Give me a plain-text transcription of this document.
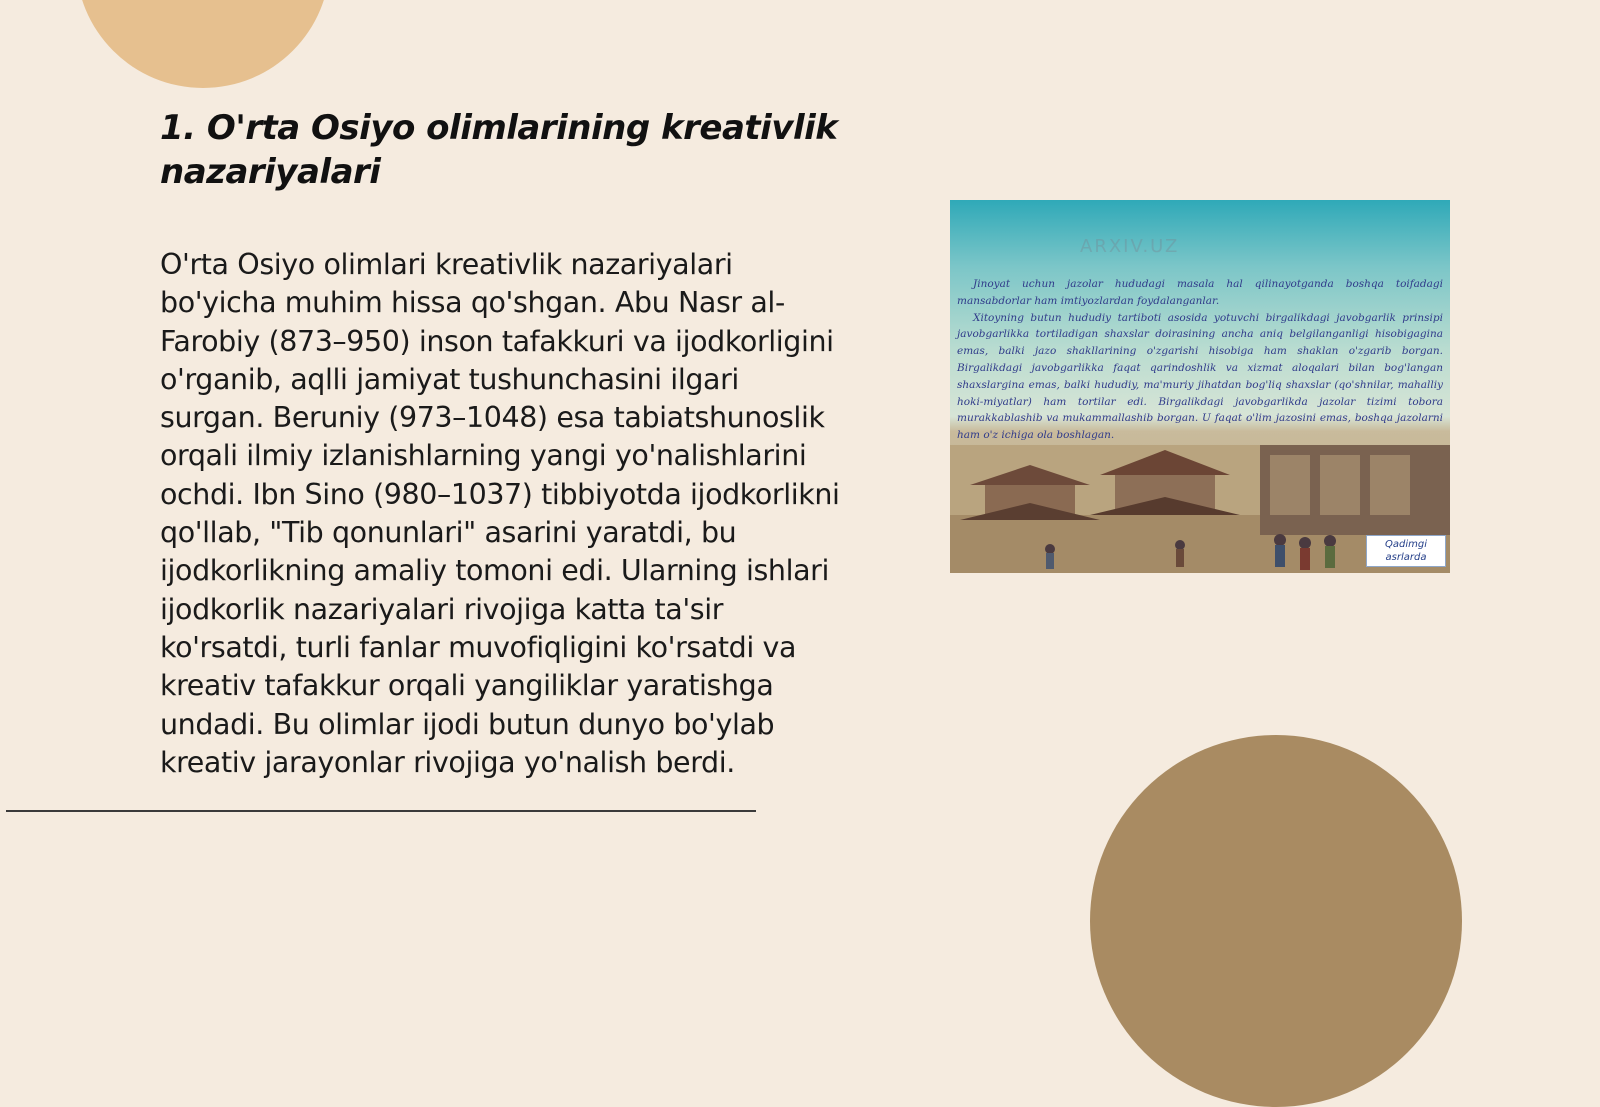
1. O'rta Osiyo olimlarining kreativlik nazariyalari

O'rta Osiyo olimlari kreativlik nazariyalari bo'yicha muhim hissa qo'shgan. Abu Nasr al-Farobiy (873–950) inson tafakkuri va ijodkorligini o'rganib, aqlli jamiyat tushunchasini ilgari surgan. Beruniy (973–1048) esa tabiatshunoslik orqali ilmiy izlanishlarning yangi yo'nalishlarini ochdi. Ibn Sino (980–1037) tibbiyotda ijodkorlikni qo'llab, "Tib qonunlari" asarini yaratdi, bu ijodkorlikning amaliy tomoni edi. Ularning ishlari ijodkorlik nazariyalari rivojiga katta ta'sir ko'rsatdi, turli fanlar muvofiqligini ko'rsatdi va kreativ tafakkur orqali yangiliklar yaratishga undadi. Bu olimlar ijodi butun dunyo bo'ylab kreativ jarayonlar rivojiga yo'nalish berdi.

ARXIV.UZ

Jinoyat uchun jazolar hududagi masala hal qilinayotganda boshqa toifadagi mansabdorlar ham imtiyozlardan foydalanganlar.

Xitoyning butun hududiy tartiboti asosida yotuvchi birgalikdagi javobgarlik prinsipi javobgarlikka tortiladigan shaxslar doirasining ancha aniq belgilanganligi hisobigagina emas, balki jazo shakllarining o'zgarishi hisobiga ham shaklan o'zgarib borgan. Birgalikdagi javobgarlikka faqat qarindoshlik va xizmat aloqalari bilan bog'langan shaxslargina emas, balki hududiy, ma'muriy jihatdan bog'liq shaxslar (qo'shnilar, mahalliy hoki-miyatlar) ham tortilar edi. Birgalikdagi javobgarlikda jazolar tizimi tobora murakkablashib va mukammallashib borgan. U faqat o'lim jazosini emas, boshqa jazolarni ham o'z ichiga ola boshlagan.

Qadimgi asrlarda
